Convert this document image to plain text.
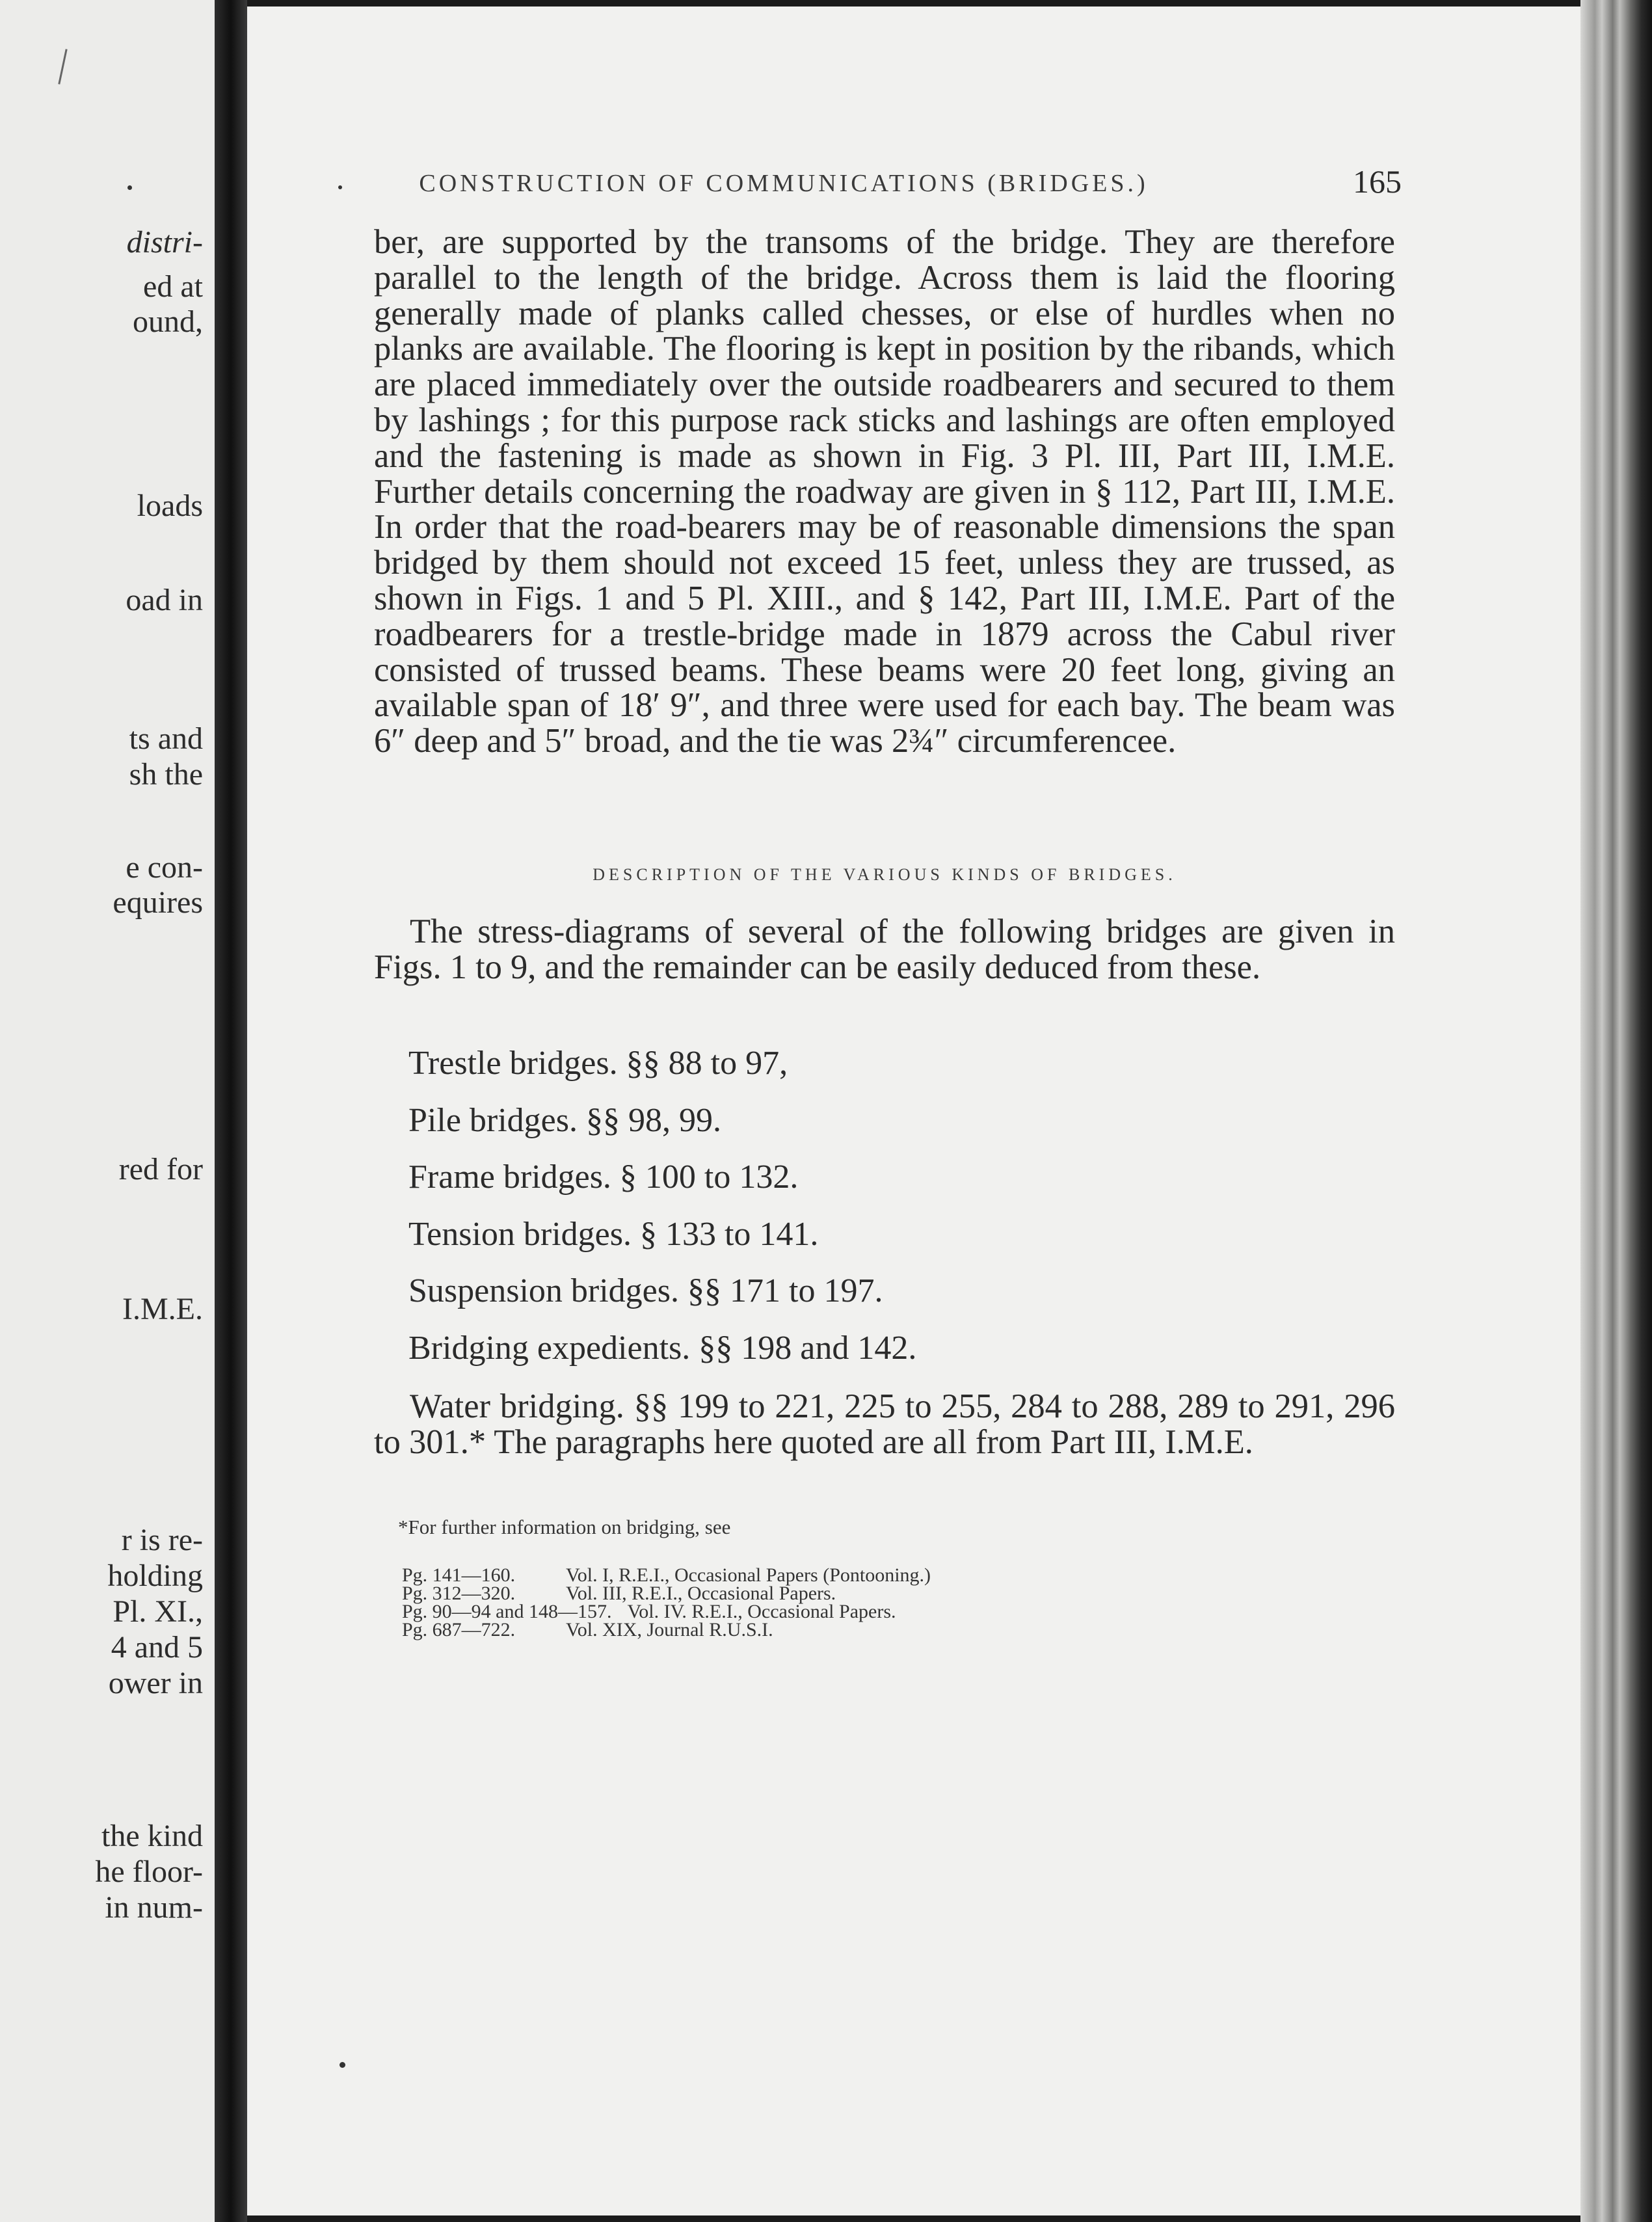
distri-
ed at
ound,
loads
oad in
ts and
sh the
e con-
equires
red for
I.M.E.
r is re-
holding
Pl. XI.,
4 and 5
ower in
the kind
he floor-
in num-
CONSTRUCTION OF COMMUNICATIONS (BRIDGES.)	165

ber, are supported by the transoms of the bridge. They are therefore parallel to the length of the bridge. Across them is laid the flooring generally made of planks called chesses, or else of hurdles when no planks are available. The flooring is kept in position by the ribands, which are placed immediately over the outside roadbearers and secured to them by lashings ; for this purpose rack sticks and lashings are often employed and the fastening is made as shown in Fig. 3 Pl. III, Part III, I.M.E. Further details concerning the roadway are given in § 112, Part III, I.M.E. In order that the road-bearers may be of reasonable dimensions the span bridged by them should not exceed 15 feet, unless they are trussed, as shown in Figs. 1 and 5 Pl. XIII., and § 142, Part III, I.M.E. Part of the roadbearers for a trestle-bridge made in 1879 across the Cabul river consisted of trussed beams. These beams were 20 feet long, giving an available span of 18′ 9″, and three were used for each bay. The beam was 6″ deep and 5″ broad, and the tie was 2¾″ circumferencee.

DESCRIPTION OF THE VARIOUS KINDS OF BRIDGES.
The stress-diagrams of several of the following bridges are given in Figs. 1 to 9, and the remainder can be easily deduced from these.
Trestle bridges. §§ 88 to 97,
Pile bridges. §§ 98, 99.
Frame bridges. § 100 to 132.
Tension bridges. § 133 to 141.
Suspension bridges. §§ 171 to 197.
Bridging expedients. §§ 198 and 142.
Water bridging. §§ 199 to 221, 225 to 255, 284 to 288, 289 to 291, 296 to 301.* The paragraphs here quoted are all from Part III, I.M.E.
*For further information on bridging, see
Pg. 141—160.	Vol. I, R.E.I., Occasional Papers (Pontooning.)
Pg. 312—320.	Vol. III, R.E.I., Occasional Papers.
Pg. 90—94 and 148—157. Vol. IV. R.E.I., Occasional Papers.
Pg. 687—722.	Vol. XIX, Journal R.U.S.I.
